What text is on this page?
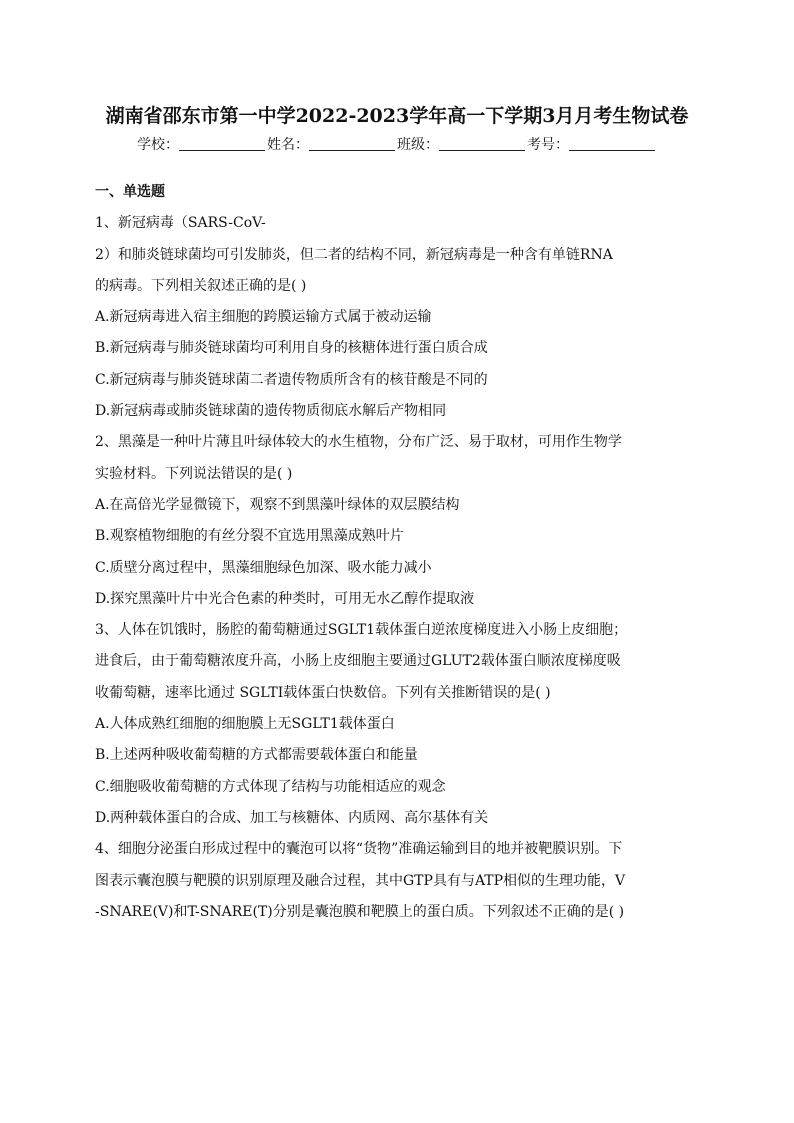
湖南省邵东市第一中学2022-2023学年高一下学期3月月考生物试卷
学校：	姓名：	班级：	考号：
一、单选题
1、新冠病毒（SARS-CoV-
2）和肺炎链球菌均可引发肺炎，但二者的结构不同，新冠病毒是一种含有单链RNA
的病毒。下列相关叙述正确的是( )
A.新冠病毒进入宿主细胞的跨膜运输方式属于被动运输
B.新冠病毒与肺炎链球菌均可利用自身的核糖体进行蛋白质合成
C.新冠病毒与肺炎链球菌二者遗传物质所含有的核苷酸是不同的
D.新冠病毒或肺炎链球菌的遗传物质彻底水解后产物相同
2、黑藻是一种叶片薄且叶绿体较大的水生植物，分布广泛、易于取材，可用作生物学
实验材料。下列说法错误的是( )
A.在高倍光学显微镜下，观察不到黑藻叶绿体的双层膜结构
B.观察植物细胞的有丝分裂不宜选用黑藻成熟叶片
C.质壁分离过程中，黑藻细胞绿色加深、吸水能力减小
D.探究黑藻叶片中光合色素的种类时，可用无水乙醇作提取液
3、人体在饥饿时，肠腔的葡萄糖通过SGLT1载体蛋白逆浓度梯度进入小肠上皮细胞；
进食后，由于葡萄糖浓度升高，小肠上皮细胞主要通过GLUT2载体蛋白顺浓度梯度吸
收葡萄糖，速率比通过 SGLTI载体蛋白快数倍。下列有关推断错误的是( )
A.人体成熟红细胞的细胞膜上无SGLT1载体蛋白
B.上述两种吸收葡萄糖的方式都需要载体蛋白和能量
C.细胞吸收葡萄糖的方式体现了结构与功能相适应的观念
D.两种载体蛋白的合成、加工与核糖体、内质网、高尔基体有关
4、细胞分泌蛋白形成过程中的囊泡可以将“货物”准确运输到目的地并被靶膜识别。下
图表示囊泡膜与靶膜的识别原理及融合过程，其中GTP具有与ATP相似的生理功能，V
-SNARE(V)和T-SNARE(T)分别是囊泡膜和靶膜上的蛋白质。下列叙述不正确的是( )
